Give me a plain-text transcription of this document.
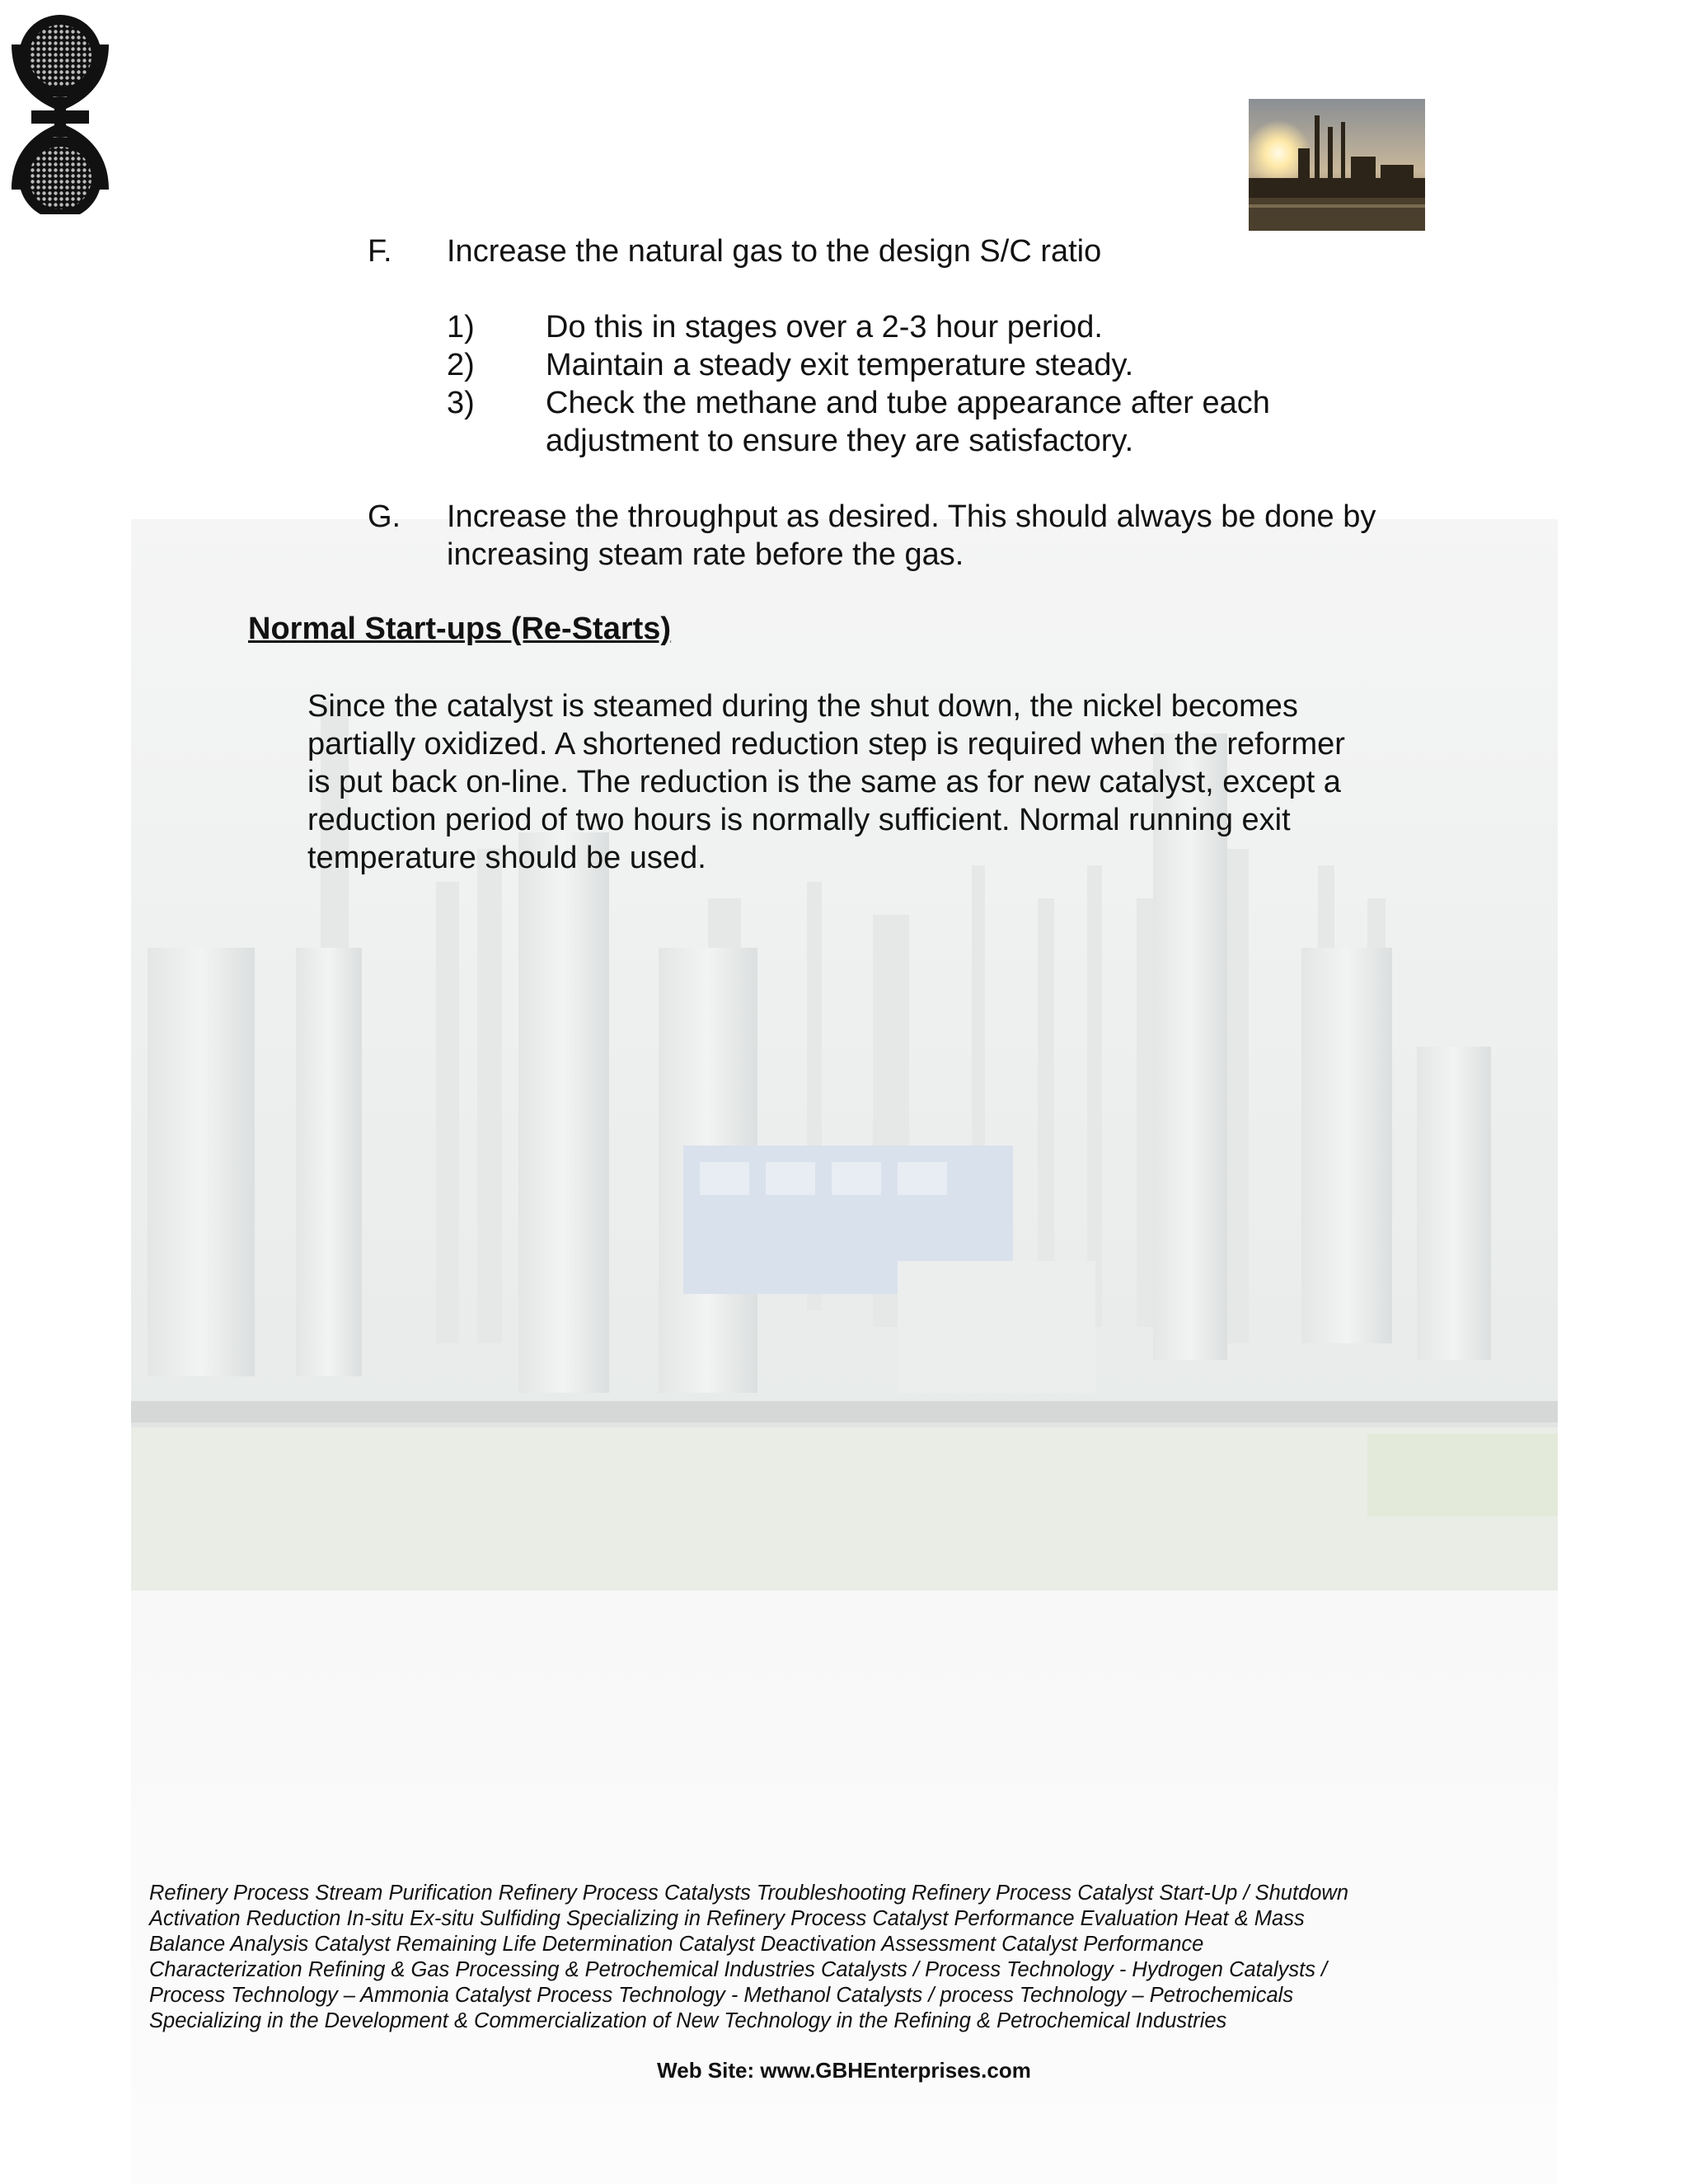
F. Increase the natural gas to the design S/C ratio
1) Do this in stages over a 2-3 hour period.
2) Maintain a steady exit temperature steady.
3) Check the methane and tube appearance after each
adjustment to ensure they are satisfactory.
G. Increase the throughput as desired. This should always be done by
increasing steam rate before the gas.
Normal Start-ups (Re-Starts)
Since the catalyst is steamed during the shut down, the nickel becomes
partially oxidized. A shortened reduction step is required when the reformer
is put back on-line. The reduction is the same as for new catalyst, except a
reduction period of two hours is normally sufficient. Normal running exit
temperature should be used.
Refinery Process Stream Purification Refinery Process Catalysts Troubleshooting Refinery Process Catalyst Start-Up / Shutdown
Activation Reduction In-situ Ex-situ Sulfiding Specializing in Refinery Process Catalyst Performance Evaluation Heat & Mass
Balance Analysis Catalyst Remaining Life Determination Catalyst Deactivation Assessment Catalyst Performance
Characterization Refining & Gas Processing & Petrochemical Industries Catalysts / Process Technology - Hydrogen Catalysts /
Process Technology – Ammonia Catalyst Process Technology - Methanol Catalysts / process Technology – Petrochemicals
Specializing in the Development & Commercialization of New Technology in the Refining & Petrochemical Industries
Web Site: www.GBHEnterprises.com
